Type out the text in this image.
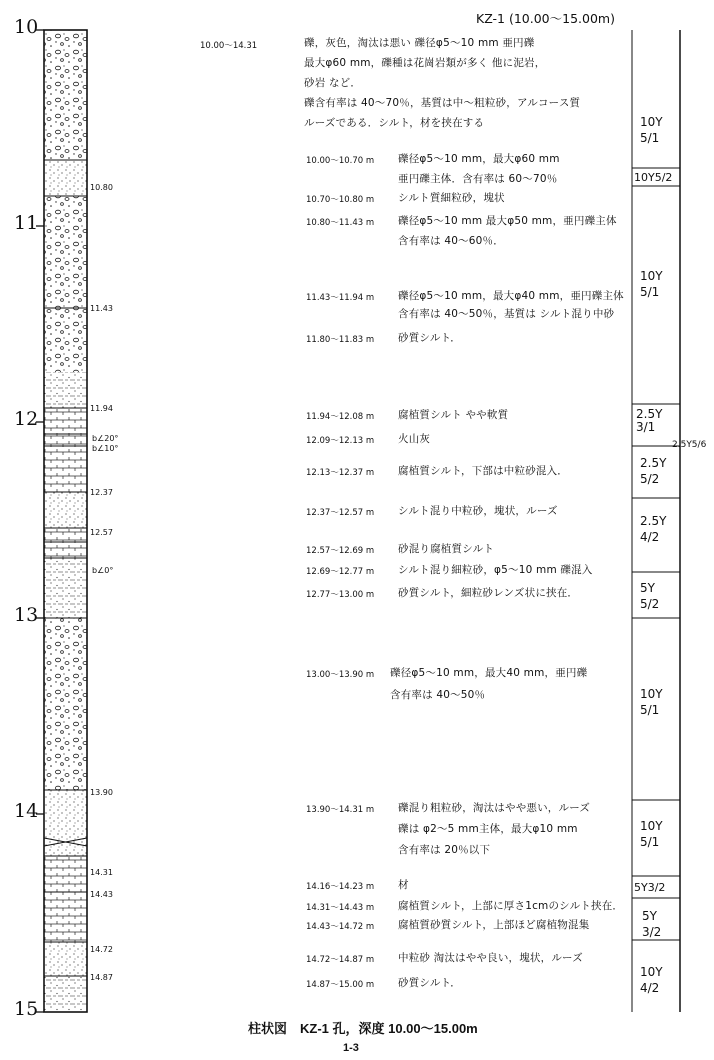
KZ-1 (10.00～15.00m)
10
11
12
13
14
15
10.80
11.43
11.94
12.37
12.57
13.90
14.31
14.43
14.72
14.87
b∠20°
b∠10°
b∠0°
10.00～14.31	礫，灰色，淘汰は悪い 礫径φ5～10 mm 亜円礫
最大φ60 mm，礫種は花崗岩類が多く 他に泥岩，
砂岩 など．
礫含有率は 40～70％，基質は中～粗粒砂，アルコース質
ルーズである．シルト，材を挟在する
10.00～10.70 m 礫径φ5～10 mm，最大φ60 mm
亜円礫主体．含有率は 60～70％
10.70～10.80 m シルト質細粒砂，塊状
10.80～11.43 m 礫径φ5～10 mm 最大φ50 mm，亜円礫主体
含有率は 40～60％．
11.43～11.94 m 礫径φ5～10 mm，最大φ40 mm，亜円礫主体
含有率は 40～50％，基質は シルト混り中砂
11.80～11.83 m 砂質シルト．
11.94～12.08 m 腐植質シルト やや軟質
12.09～12.13 m 火山灰
12.13～12.37 m 腐植質シルト，下部は中粒砂混入．
12.37～12.57 m シルト混り中粒砂，塊状，ルーズ
12.57～12.69 m 砂混り腐植質シルト
12.69～12.77 m シルト混り細粒砂，φ5～10 mm 礫混入
12.77～13.00 m 砂質シルト，細粒砂レンズ状に挟在．
13.00～13.90 m 礫径φ5～10 mm，最大40 mm，亜円礫
含有率は 40～50％
13.90～14.31 m 礫混り粗粒砂，淘汰はやや悪い，ルーズ
礫は φ2～5 mm主体，最大φ10 mm
含有率は 20％以下
14.16～14.23 m 材
14.31～14.43 m 腐植質シルト，上部に厚さ1cmのシルト挟在．
14.43～14.72 m 腐植質砂質シルト，上部ほど腐植物混集
14.72～14.87 m 中粒砂 淘汰はやや良い，塊状，ルーズ
14.87～15.00 m 砂質シルト．
10Y
5/1
10Y5/2
10Y
5/1
2.5Y
3/1
2.5Y5/6
2.5Y
5/2
2.5Y
4/2
5Y
5/2
10Y
5/1
10Y
5/1
5Y3/2
5Y
3/2
10Y
4/2
柱状図　KZ-1 孔，深度 10.00～15.00m
1-3
